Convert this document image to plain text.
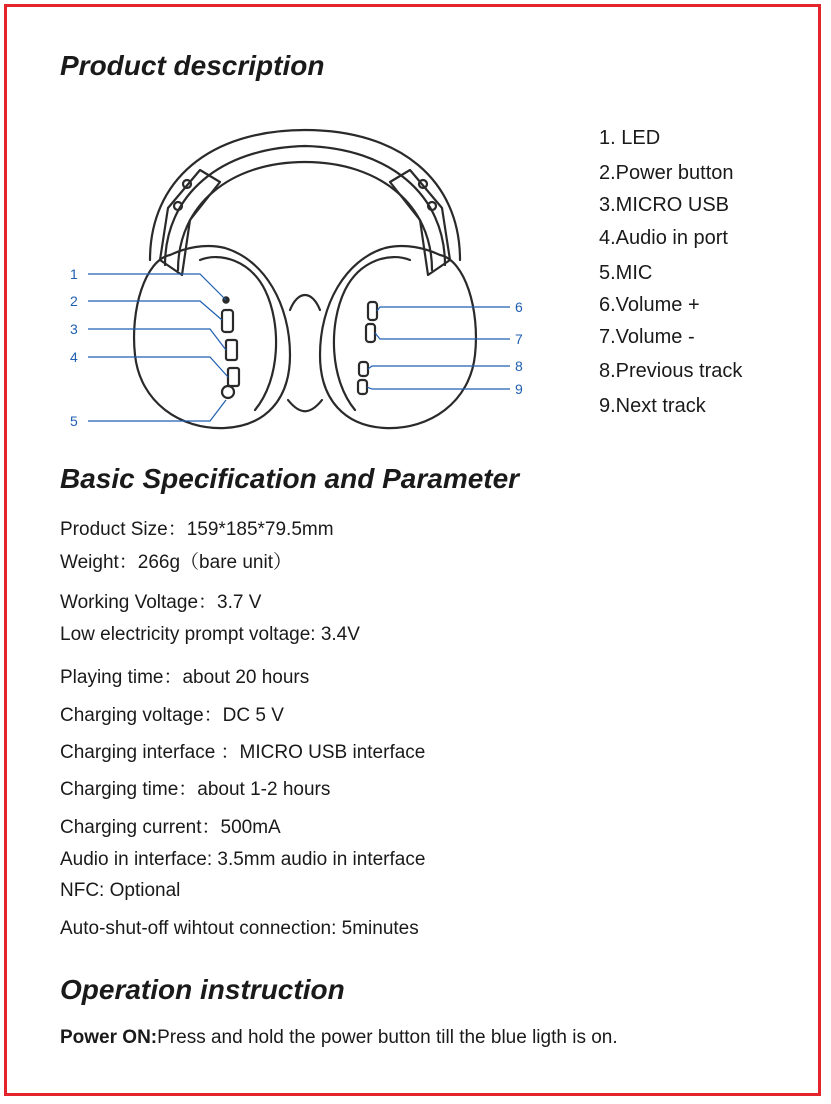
Product description
1
2
3
4
5
6
7
8
9
1. LED
2.Power button
3.MICRO USB
4.Audio in port
5.MIC
6.Volume +
7.Volume -
8.Previous track
9.Next track
Basic Specification and Parameter
Product Size：159*185*79.5mm
Weight：266g（bare unit）
Working Voltage：3.7 V
Low electricity prompt voltage: 3.4V
Playing time：about 20 hours
Charging voltage：DC 5 V
Charging interface ：MICRO USB interface
Charging time：about 1-2 hours
Charging current：500mA
Audio in interface: 3.5mm audio in interface
NFC: Optional
Auto-shut-off wihtout connection: 5minutes
Operation instruction

Power ON:Press and hold the power button till the blue ligth is on.
